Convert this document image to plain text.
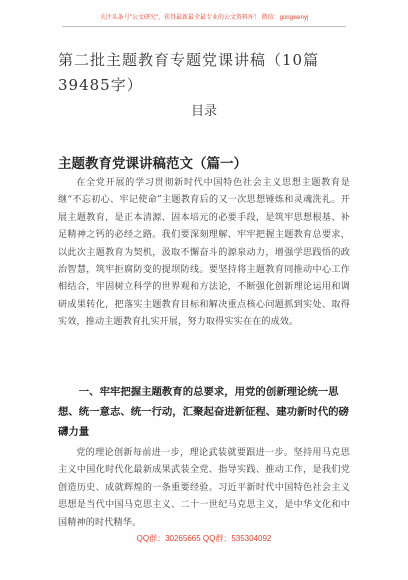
关注头条号"公文研究"，获得最新最全最专业的公文资料库！ 微信：gongwenyj
第二批主题教育专题党课讲稿（10篇39485字）
目录
主题教育党课讲稿范文（篇一）

在全党开展的学习贯彻新时代中国特色社会主义思想主题教育是继“不忘初心、牢记使命”主题教育后的又一次思想锤炼和灵魂洗礼。开展主题教育，是正本清源、固本培元的必要手段，是筑牢思想根基、补足精神之钙的必经之路。我们要深刻理解、牢牢把握主题教育总要求，以此次主题教育为契机，汲取不懈奋斗的源泉动力，增强学思践悟的政治智慧，筑牢拒腐防变的提坝防线。要坚持将主题教育同推动中心工作相结合，牢固树立科学的世界观和方法论，不断强化创新理论运用和调研成果转化，把落实主题教育目标和解决重点核心问题抓到实处、取得实效，推动主题教育扎实开展，努力取得实实在在的成效。

一、牢牢把握主题教育的总要求，用党的创新理论统一思想、统一意志、统一行动，汇聚起奋进新征程、建功新时代的磅礴力量

党的理论创新每前进一步，理论武装就要跟进一步。坚持用马克思主义中国化时代化最新成果武装全党、指导实践、推动工作，是我们党创造历史、成就辉煌的一条重要经验。习近平新时代中国特色社会主义思想是当代中国马克思主义、二十一世纪马克思主义，是中华文化和中国精神的时代精华。

QQ群：30265665 QQ群：535304092
